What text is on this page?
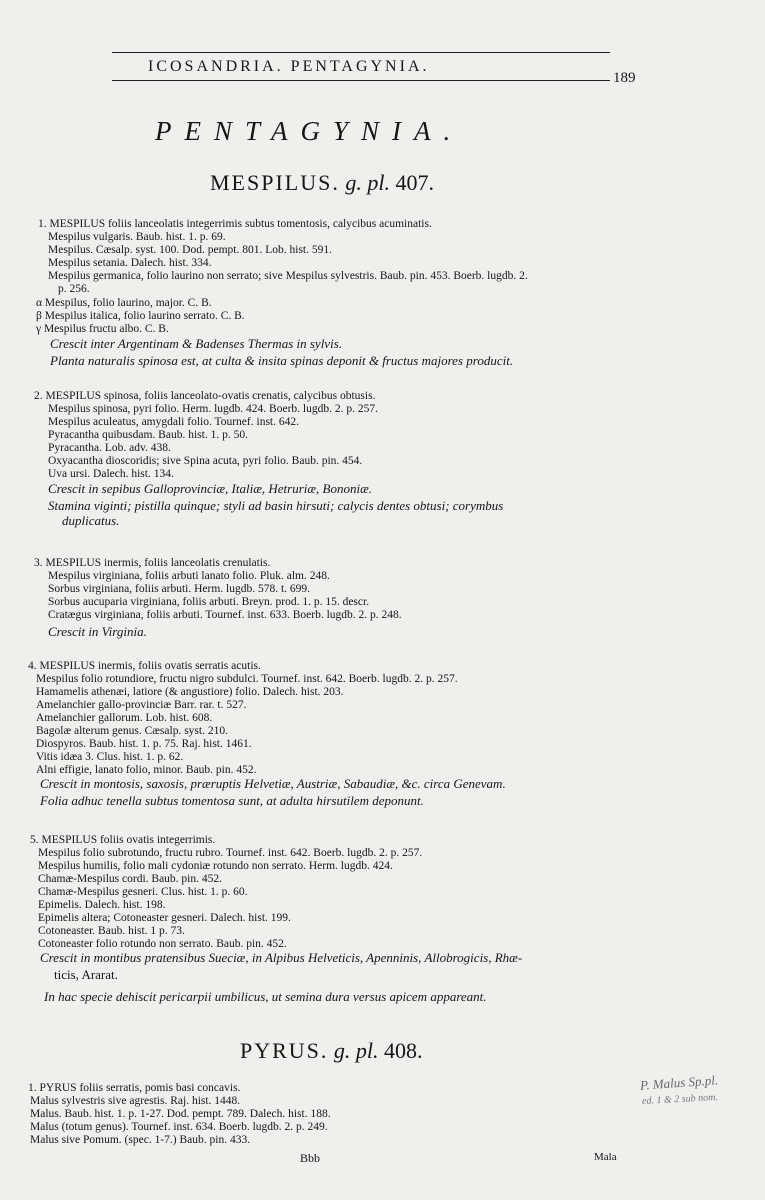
ICOSANDRIA. PENTAGYNIA.
189
PENTAGYNIA.
MESPILUS. g. pl. 407.
1. MESPILUS foliis lanceolatis integerrimis subtus tomentosis, calycibus acuminatis.
Mespilus vulgaris. Baub. hist. 1. p. 69.
Mespilus. Cæsalp. syst. 100. Dod. pempt. 801. Lob. hist. 591.
Mespilus setania. Dalech. hist. 334.
Mespilus germanica, folio laurino non serrato; sive Mespilus sylvestris. Baub. pin. 453. Boerb. lugdb. 2.
p. 256.
α Mespilus, folio laurino, major. C. B.
β Mespilus italica, folio laurino serrato. C. B.
γ Mespilus fructu albo. C. B.
Crescit inter Argentinam & Badenses Thermas in sylvis.
Planta naturalis spinosa est, at culta & insita spinas deponit & fructus majores producit.
2. MESPILUS spinosa, foliis lanceolato-ovatis crenatis, calycibus obtusis.
Mespilus spinosa, pyri folio. Herm. lugdb. 424. Boerb. lugdb. 2. p. 257.
Mespilus aculeatus, amygdali folio. Tournef. inst. 642.
Pyracantha quibusdam. Baub. hist. 1. p. 50.
Pyracantha. Lob. adv. 438.
Oxyacantha dioscoridis; sive Spina acuta, pyri folio. Baub. pin. 454.
Uva ursi. Dalech. hist. 134.
Crescit in sepibus Galloprovinciæ, Italiæ, Hetruriæ, Bononiæ.
Stamina viginti; pistilla quinque; styli ad basin hirsuti; calycis dentes obtusi; corymbus
duplicatus.
3. MESPILUS inermis, foliis lanceolatis crenulatis.
Mespilus virginiana, foliis arbuti lanato folio. Pluk. alm. 248.
Sorbus virginiana, foliis arbuti. Herm. lugdb. 578. t. 699.
Sorbus aucuparia virginiana, foliis arbuti. Breyn. prod. 1. p. 15. descr.
Cratægus virginiana, foliis arbuti. Tournef. inst. 633. Boerb. lugdb. 2. p. 248.
Crescit in Virginia.
4. MESPILUS inermis, foliis ovatis serratis acutis.
Mespilus folio rotundiore, fructu nigro subdulci. Tournef. inst. 642. Boerb. lugdb. 2. p. 257.
Hamamelis athenæi, latiore (& angustiore) folio. Dalech. hist. 203.
Amelanchier gallo-provinciæ Barr. rar. t. 527.
Amelanchier gallorum. Lob. hist. 608.
Bagolæ alterum genus. Cæsalp. syst. 210.
Diospyros. Baub. hist. 1. p. 75. Raj. hist. 1461.
Vitis idæa 3. Clus. hist. 1. p. 62.
Alni effigie, lanato folio, minor. Baub. pin. 452.
Crescit in montosis, saxosis, præruptis Helvetiæ, Austriæ, Sabaudiæ, &c. circa Genevam.
Folia adhuc tenella subtus tomentosa sunt, at adulta hirsutilem deponunt.
5. MESPILUS foliis ovatis integerrimis.
Mespilus folio subrotundo, fructu rubro. Tournef. inst. 642. Boerb. lugdb. 2. p. 257.
Mespilus humilis, folio mali cydoniæ rotundo non serrato. Herm. lugdb. 424.
Chamæ-Mespilus cordi. Baub. pin. 452.
Chamæ-Mespilus gesneri. Clus. hist. 1. p. 60.
Epimelis. Dalech. hist. 198.
Epimelis altera; Cotoneaster gesneri. Dalech. hist. 199.
Cotoneaster. Baub. hist. 1 p. 73.
Cotoneaster folio rotundo non serrato. Baub. pin. 452.
Crescit in montibus pratensibus Sueciæ, in Alpibus Helveticis, Apenninis, Allobrogicis, Rhæ-
ticis, Ararat.
In hac specie dehiscit pericarpii umbilicus, ut semina dura versus apicem appareant.
1. PYRUS foliis serratis, pomis basi concavis.
Malus sylvestris sive agrestis. Raj. hist. 1448.
Malus. Baub. hist. 1. p. 1-27. Dod. pempt. 789. Dalech. hist. 188.
Malus (totum genus). Tournef. inst. 634. Boerb. lugdb. 2. p. 249.
Malus sive Pomum. (spec. 1-7.) Baub. pin. 433.
PYRUS. g. pl. 408.
P. Malus Sp.pl.
ed. 1 & 2 sub nom.
Bbb	Mala
